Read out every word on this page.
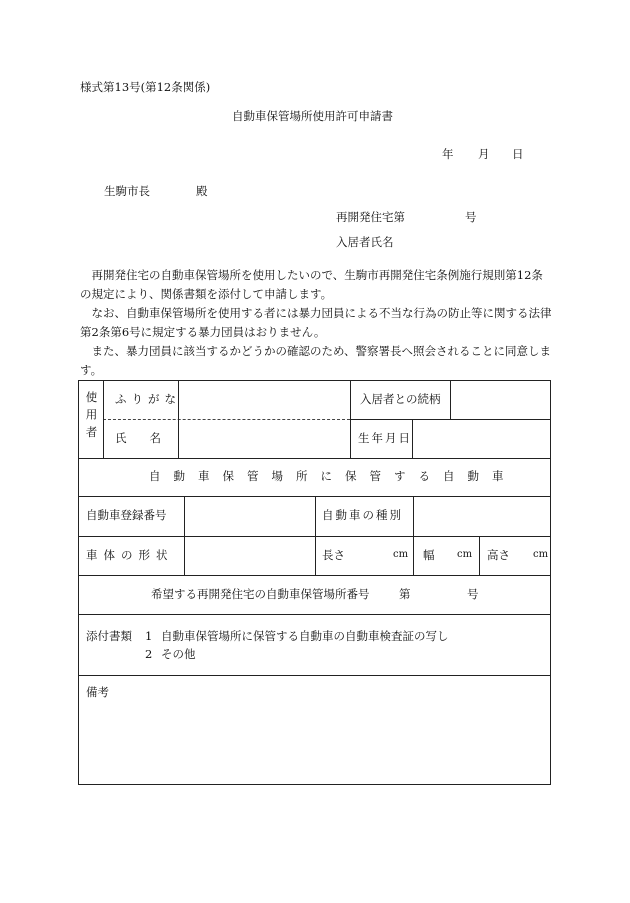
様式第13号(第12条関係)
自動車保管場所使用許可申請書
年 月 日
生駒市長	殿
再開発住宅第	号
入居者氏名

再開発住宅の自動車保管場所を使用したいので、生駒市再開発住宅条例施行規則第12条の規定により、関係書類を添付して申請します。

なお、自動車保管場所を使用する者には暴力団員による不当な行為の防止等に関する法律第2条第6号に規定する暴力団員はおりません。

また、暴力団員に該当するかどうかの確認のため、警察署長へ照会されることに同意します。

使用者 ふりがな	入居者との続柄
氏　　名	生年月日
自動車保管場所に保管する自動車
自動車登録番号	自動車の種別
車体の形状	長さ	cm 幅 cm 高さ cm
希望する再開発住宅の自動車保管場所番号	第	号
添付書類 1 自動車保管場所に保管する自動車の自動車検査証の写し
2 その他
備考
